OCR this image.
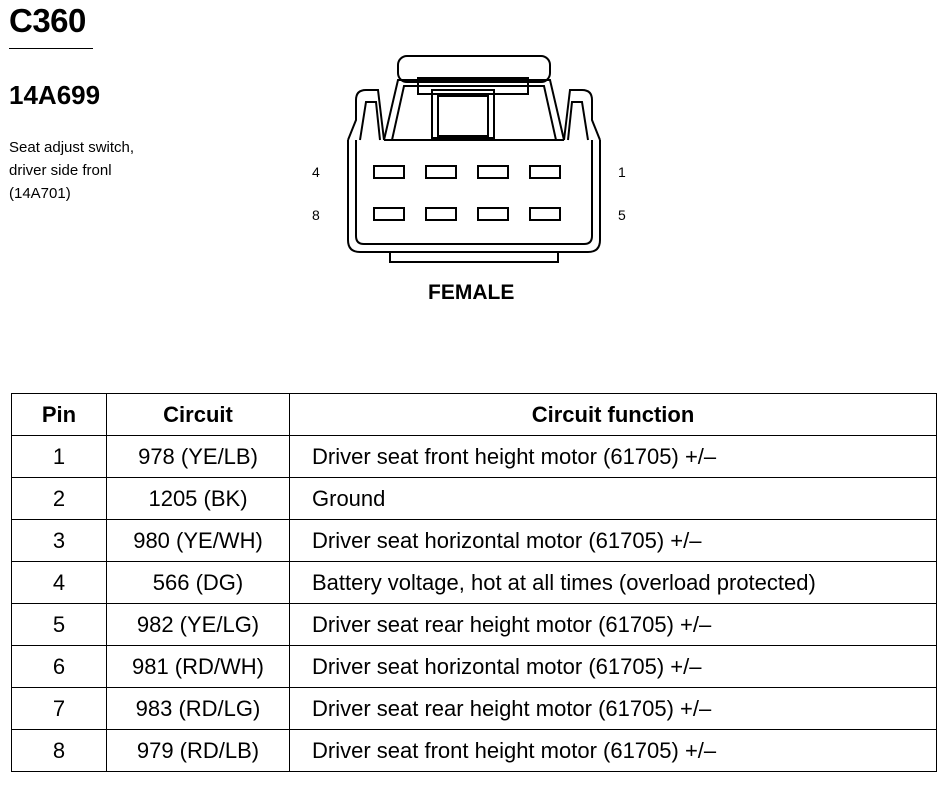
C360
14A699
Seat adjust switch,
driver side fronl
(14A701)
4
8
1
5
FEMALE
Pin	Circuit	Circuit function
1	978 (YE/LB)	Driver seat front height motor (61705) +/–
2	1205 (BK)	Ground
3	980 (YE/WH)	Driver seat horizontal motor (61705) +/–
4	566 (DG)	Battery voltage, hot at all times (overload protected)
5	982 (YE/LG)	Driver seat rear height motor (61705) +/–
6	981 (RD/WH)	Driver seat horizontal motor (61705) +/–
7	983 (RD/LG)	Driver seat rear height motor (61705) +/–
8	979 (RD/LB)	Driver seat front height motor (61705) +/–
